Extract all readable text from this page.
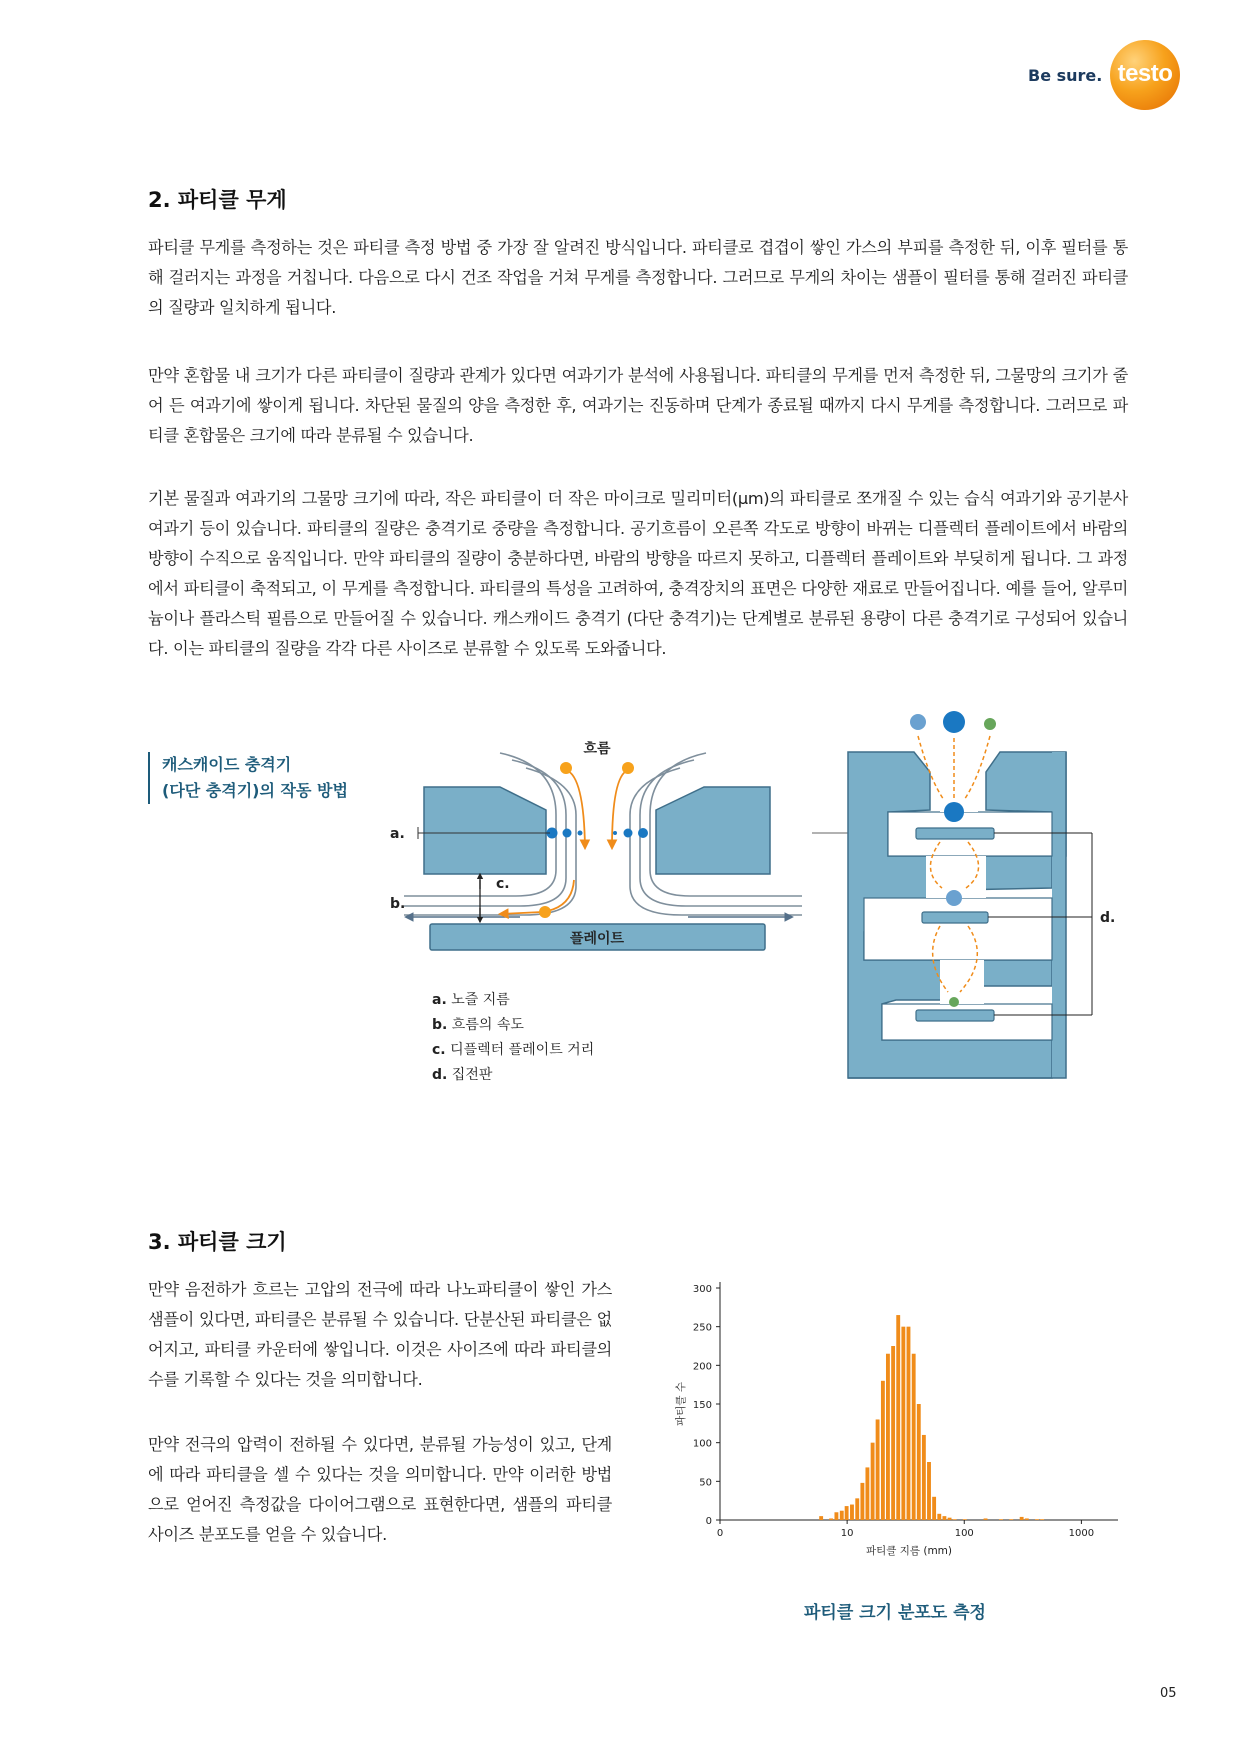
Be sure. testo
2. 파티클 무게

파티클 무게를 측정하는 것은 파티클 측정 방법 중 가장 잘 알려진 방식입니다. 파티클로 겹겹이 쌓인 가스의 부피를 측정한 뒤, 이후 필터를 통해 걸러지는 과정을 거칩니다. 다음으로 다시 건조 작업을 거쳐 무게를 측정합니다. 그러므로 무게의 차이는 샘플이 필터를 통해 걸러진 파티클의 질량과 일치하게 됩니다.

만약 혼합물 내 크기가 다른 파티클이 질량과 관계가 있다면 여과기가 분석에 사용됩니다. 파티클의 무게를 먼저 측정한 뒤, 그물망의 크기가 줄어 든 여과기에 쌓이게 됩니다. 차단된 물질의 양을 측정한 후, 여과기는 진동하며 단계가 종료될 때까지 다시 무게를 측정합니다. 그러므로 파티클 혼합물은 크기에 따라 분류될 수 있습니다.

기본 물질과 여과기의 그물망 크기에 따라, 작은 파티클이 더 작은 마이크로 밀리미터(μm)의 파티클로 쪼개질 수 있는 습식 여과기와 공기분사 여과기 등이 있습니다. 파티클의 질량은 충격기로 중량을 측정합니다. 공기흐름이 오른쪽 각도로 방향이 바뀌는 디플렉터 플레이트에서 바람의 방향이 수직으로 움직입니다. 만약 파티클의 질량이 충분하다면, 바람의 방향을 따르지 못하고, 디플렉터 플레이트와 부딪히게 됩니다. 그 과정에서 파티클이 축적되고, 이 무게를 측정합니다. 파티클의 특성을 고려하여, 충격장치의 표면은 다양한 재료로 만들어집니다. 예를 들어, 알루미늄이나 플라스틱 필름으로 만들어질 수 있습니다. 캐스캐이드 충격기 (다단 충격기)는 단계별로 분류된 용량이 다른 충격기로 구성되어 있습니다. 이는 파티클의 질량을 각각 다른 사이즈로 분류할 수 있도록 도와줍니다.

캐스캐이드 충격기
(다단 충격기)의 작동 방법
플레이트
흐름
a.
b.
c.
d.
a. 노즐 지름
b. 흐름의 속도
c. 디플렉터 플레이트 거리
d. 집전판
3. 파티클 크기

만약 음전하가 흐르는 고압의 전극에 따라 나노파티클이 쌓인 가스 샘플이 있다면, 파티클은 분류될 수 있습니다. 단분산된 파티클은 없어지고, 파티클 카운터에 쌓입니다. 이것은 사이즈에 따라 파티클의 수를 기록할 수 있다는 것을 의미합니다.

만약 전극의 압력이 전하될 수 있다면, 분류될 가능성이 있고, 단계에 따라 파티클을 셀 수 있다는 것을 의미합니다. 만약 이러한 방법으로 얻어진 측정값을 다이어그램으로 표현한다면, 샘플의 파티클 사이즈 분포도를 얻을 수 있습니다.

0
50
100
150
200
250
300
0	10	100	1000
파티클 지름 (mm)
파티클 수
파티클 크기 분포도 측정
05
